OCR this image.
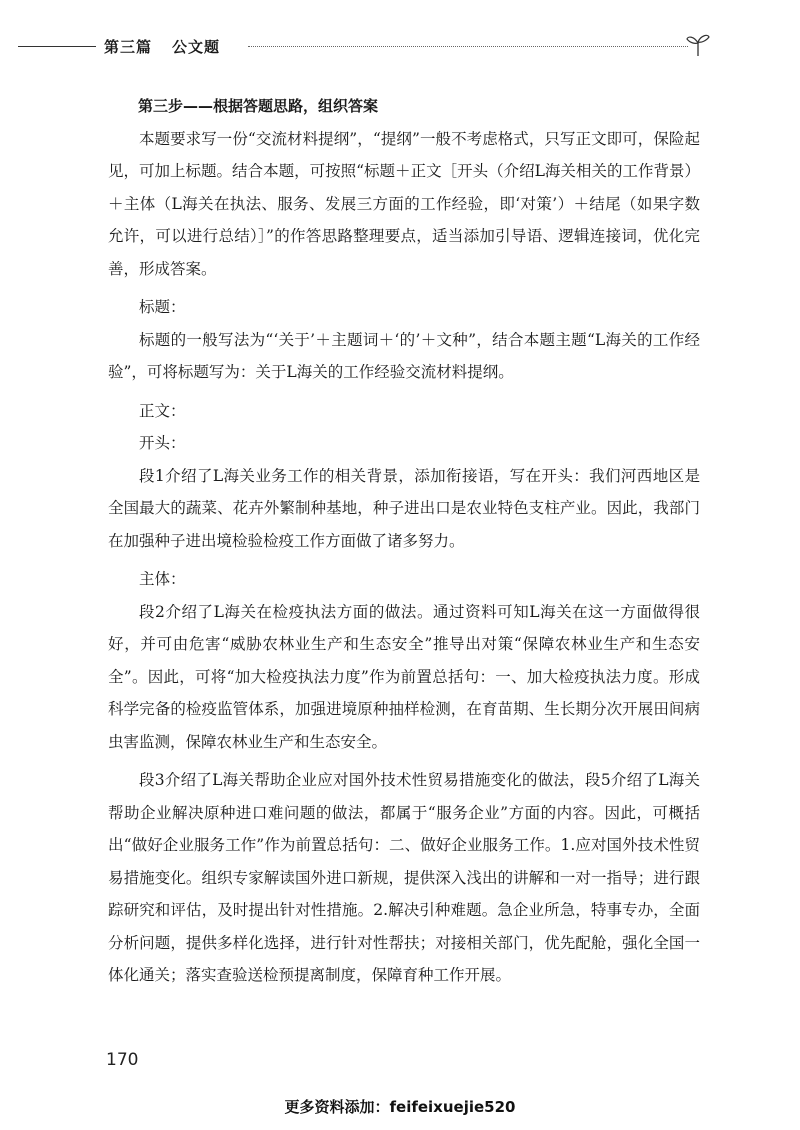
第三篇 公文题

第三步——根据答题思路，组织答案

本题要求写一份“交流材料提纲”，“提纲”一般不考虑格式，只写正文即可，保险起见，可加上标题。结合本题，可按照“标题＋正文［开头（介绍L海关相关的工作背景）＋主体（L海关在执法、服务、发展三方面的工作经验，即‘对策’）＋结尾（如果字数允许，可以进行总结）］”的作答思路整理要点，适当添加引导语、逻辑连接词，优化完善，形成答案。

标题：

标题的一般写法为“‘关于’＋主题词＋‘的’＋文种”，结合本题主题“L海关的工作经验”，可将标题写为：关于L海关的工作经验交流材料提纲。

正文：

开头：

段1介绍了L海关业务工作的相关背景，添加衔接语，写在开头：我们河西地区是全国最大的蔬菜、花卉外繁制种基地，种子进出口是农业特色支柱产业。因此，我部门在加强种子进出境检验检疫工作方面做了诸多努力。

主体：

段2介绍了L海关在检疫执法方面的做法。通过资料可知L海关在这一方面做得很好，并可由危害“威胁农林业生产和生态安全”推导出对策“保障农林业生产和生态安全”。因此，可将“加大检疫执法力度”作为前置总括句：一、加大检疫执法力度。形成科学完备的检疫监管体系，加强进境原种抽样检测，在育苗期、生长期分次开展田间病虫害监测，保障农林业生产和生态安全。

段3介绍了L海关帮助企业应对国外技术性贸易措施变化的做法，段5介绍了L海关帮助企业解决原种进口难问题的做法，都属于“服务企业”方面的内容。因此，可概括出“做好企业服务工作”作为前置总括句：二、做好企业服务工作。1.应对国外技术性贸易措施变化。组织专家解读国外进口新规，提供深入浅出的讲解和一对一指导；进行跟踪研究和评估，及时提出针对性措施。2.解决引种难题。急企业所急，特事专办，全面分析问题，提供多样化选择，进行针对性帮扶；对接相关部门，优先配舱，强化全国一体化通关；落实查验送检预提离制度，保障育种工作开展。

170
更多资料添加：feifeixuejie520
